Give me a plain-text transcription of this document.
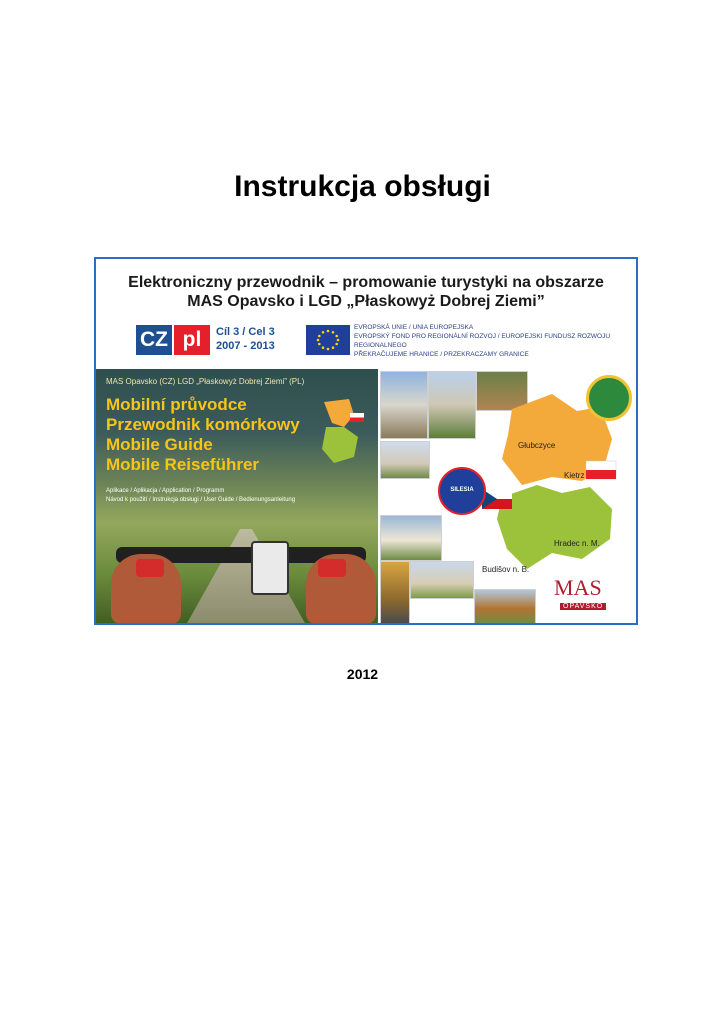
Instrukcja obsługi
Elektroniczny przewodnik – promowanie turystyki na obszarze
MAS Opavsko i LGD „Płaskowyż Dobrej Ziemi”
CZ pl	Cíl 3 / Cel 3
2007 - 2013
EVROPSKÁ UNIE / UNIA EUROPEJSKA
EVROPSKÝ FOND PRO REGIONÁLNÍ ROZVOJ / EUROPEJSKI FUNDUSZ ROZWOJU REGIONALNEGO
PŘEKRAČUJEME HRANICE / PRZEKRACZAMY GRANICE
MAS Opavsko (CZ) LGD „Płaskowyż Dobrej Ziemi” (PL)
Mobilní průvodce
Przewodnik komórkowy
Mobile Guide
Mobile Reiseführer
Aplikace / Aplikacja / Application / Programm
Návod k použití / Instrukcja obsługi / User Guide / Bedienungsanleitung
Głubczyce
Kietrz
Hradec n. M.
Budišov n. B.
SILESIA
MAS
OPAVSKO
2012
